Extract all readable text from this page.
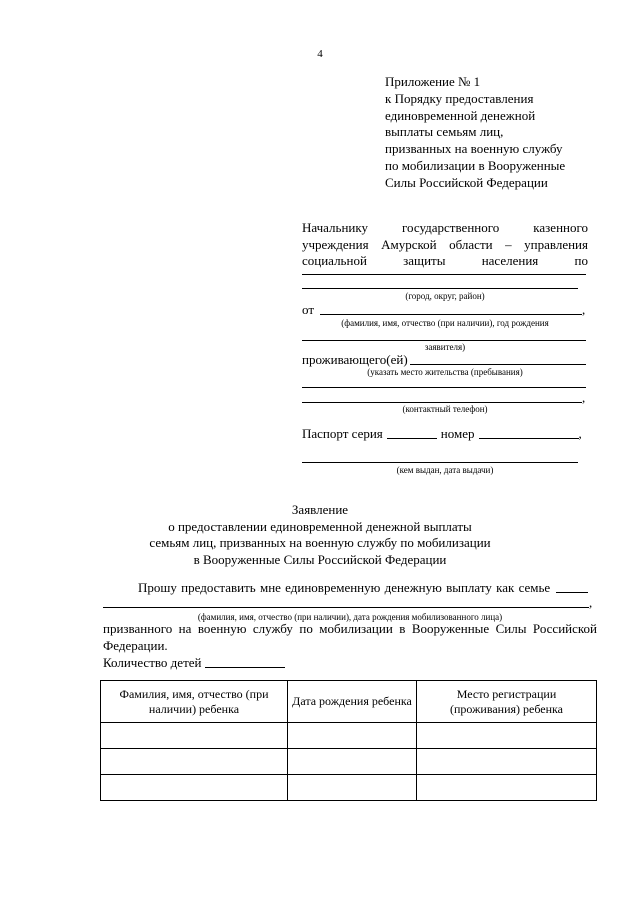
4
Приложение № 1
к Порядку предоставления
единовременной денежной
выплаты семьям лиц,
призванных на военную службу
по мобилизации в Вооруженные
Силы Российской Федерации
Начальнику государственного казенного
учреждения Амурской области – управления
социальной защиты населения по
(город, округ, район)
от	,
(фамилия, имя, отчество (при наличии), год рождения
заявителя)
проживающего(ей)
(указать место жительства (пребывания)
,
(контактный телефон)
Паспорт серия	номер	,
(кем выдан, дата выдачи)
Заявление
о предоставлении единовременной денежной выплаты
семьям лиц, призванных на военную службу по мобилизации
в Вооруженные Силы Российской Федерации
Прошу предоставить мне единовременную денежную выплату как семье
,
(фамилия, имя, отчество (при наличии), дата рождения мобилизованного лица)
призванного на военную службу по мобилизации в Вооруженные Силы Российской
Федерации.
Количество детей
Фамилия, имя, отчество (при наличии) ребенка	Дата рождения ребенка	Место регистрации (проживания) ребенка
